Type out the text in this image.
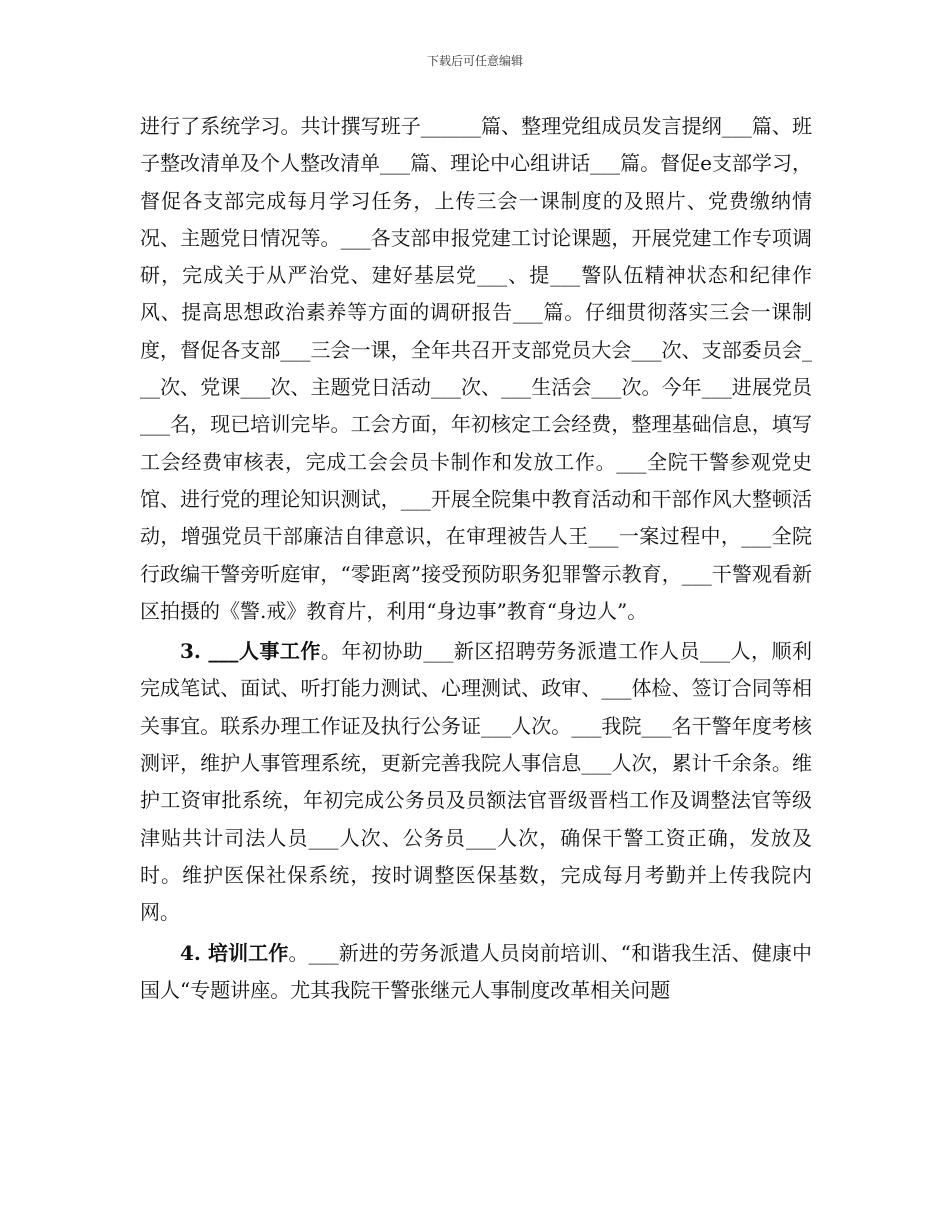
下载后可任意编辑

进行了系统学习。共计撰写班子______篇、整理党组成员发言提纲___篇、班子整改清单及个人整改清单___篇、理论中心组讲话___篇。督促e支部学习，督促各支部完成每月学习任务，上传三会一课制度的及照片、党费缴纳情况、主题党日情况等。___各支部申报党建工讨论课题，开展党建工作专项调研，完成关于从严治党、建好基层党___、提___警队伍精神状态和纪律作风、提高思想政治素养等方面的调研报告___篇。仔细贯彻落实三会一课制度，督促各支部___三会一课，全年共召开支部党员大会___次、支部委员会___次、党课___次、主题党日活动___次、___生活会___次。今年___进展党员___名，现已培训完毕。工会方面，年初核定工会经费，整理基础信息，填写工会经费审核表，完成工会会员卡制作和发放工作。___全院干警参观党史馆、进行党的理论知识测试，___开展全院集中教育活动和干部作风大整顿活动，增强党员干部廉洁自律意识，在审理被告人王___一案过程中，___全院行政编干警旁听庭审，“零距离”接受预防职务犯罪警示教育，___干警观看新区拍摄的《警.戒》教育片，利用“身边事”教育“身边人”。

3. ___人事工作。年初协助___新区招聘劳务派遣工作人员___人，顺利完成笔试、面试、听打能力测试、心理测试、政审、___体检、签订合同等相关事宜。联系办理工作证及执行公务证___人次。___我院___名干警年度考核测评，维护人事管理系统，更新完善我院人事信息___人次，累计千余条。维护工资审批系统，年初完成公务员及员额法官晋级晋档工作及调整法官等级津贴共计司法人员___人次、公务员___人次，确保干警工资正确，发放及时。维护医保社保系统，按时调整医保基数，完成每月考勤并上传我院内网。

4. 培训工作。___新进的劳务派遣人员岗前培训、“和谐我生活、健康中国人“专题讲座。尤其我院干警张继元人事制度改革相关问题
